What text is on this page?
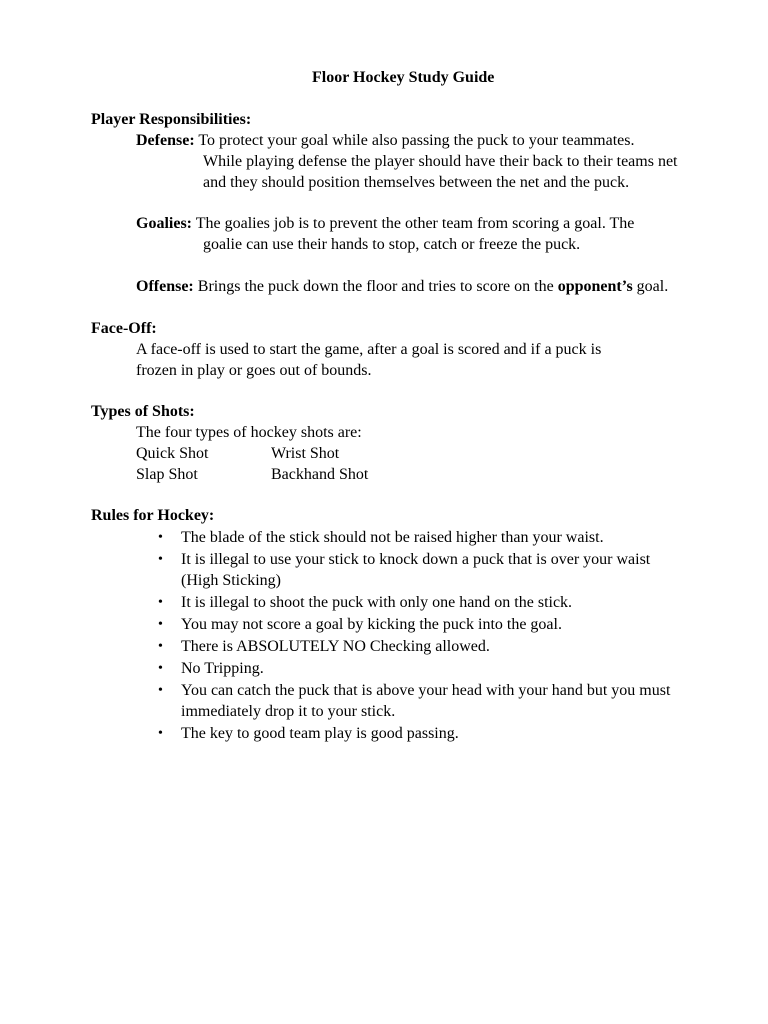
Floor Hockey Study Guide
Player Responsibilities:
Defense: To protect your goal while also passing the puck to your teammates.
While playing defense the player should have their back to their teams net
and they should position themselves between the net and the puck.
Goalies: The goalies job is to prevent the other team from scoring a goal. The
goalie can use their hands to stop, catch or freeze the puck.
Offense: Brings the puck down the floor and tries to score on the opponent’s goal.
Face-Off:
A face-off is used to start the game, after a goal is scored and if a puck is
frozen in play or goes out of bounds.
Types of Shots:
The four types of hockey shots are:
Quick Shot	Wrist Shot
Slap Shot	Backhand Shot
Rules for Hockey:
• The blade of the stick should not be raised higher than your waist.
• It is illegal to use your stick to knock down a puck that is over your waist
(High Sticking)
• It is illegal to shoot the puck with only one hand on the stick.
• You may not score a goal by kicking the puck into the goal.
• There is ABSOLUTELY NO Checking allowed.
• No Tripping.
• You can catch the puck that is above your head with your hand but you must
immediately drop it to your stick.
• The key to good team play is good passing.
